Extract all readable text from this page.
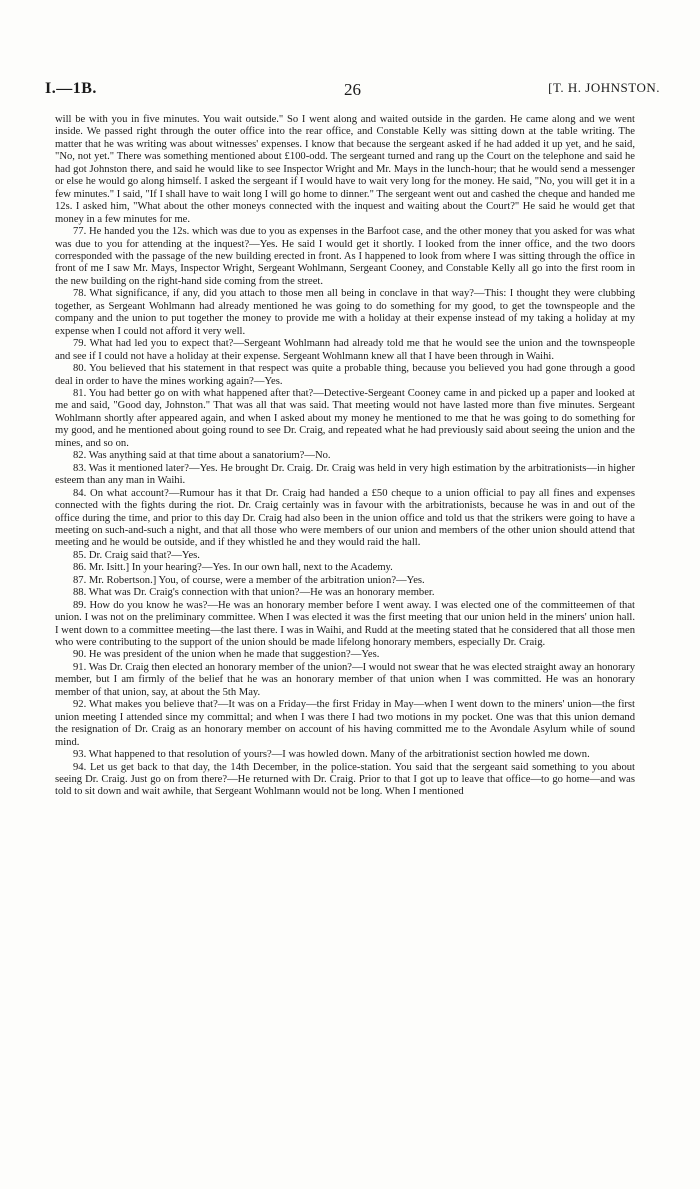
I.—1B.	26	[T. H. JOHNSTON.

will be with you in five minutes. You wait outside." So I went along and waited outside in the garden. He came along and we went inside. We passed right through the outer office into the rear office, and Constable Kelly was sitting down at the table writing. The matter that he was writing was about witnesses' expenses. I know that because the sergeant asked if he had added it up yet, and he said, "No, not yet." There was something mentioned about £100-odd. The sergeant turned and rang up the Court on the telephone and said he had got Johnston there, and said he would like to see Inspector Wright and Mr. Mays in the lunch-hour; that he would send a messenger or else he would go along himself. I asked the sergeant if I would have to wait very long for the money. He said, "No, you will get it in a few minutes." I said, "If I shall have to wait long I will go home to dinner." The sergeant went out and cashed the cheque and handed me 12s. I asked him, "What about the other moneys connected with the inquest and waiting about the Court?" He said he would get that money in a few minutes for me.

77. He handed you the 12s. which was due to you as expenses in the Barfoot case, and the other money that you asked for was what was due to you for attending at the inquest?—Yes. He said I would get it shortly. I looked from the inner office, and the two doors corresponded with the passage of the new building erected in front. As I happened to look from where I was sitting through the office in front of me I saw Mr. Mays, Inspector Wright, Sergeant Wohlmann, Sergeant Cooney, and Constable Kelly all go into the first room in the new building on the right-hand side coming from the street.

78. What significance, if any, did you attach to those men all being in conclave in that way?—This: I thought they were clubbing together, as Sergeant Wohlmann had already mentioned he was going to do something for my good, to get the townspeople and the company and the union to put together the money to provide me with a holiday at their expense instead of my taking a holiday at my expense when I could not afford it very well.

79. What had led you to expect that?—Sergeant Wohlmann had already told me that he would see the union and the townspeople and see if I could not have a holiday at their expense. Sergeant Wohlmann knew all that I have been through in Waihi.

80. You believed that his statement in that respect was quite a probable thing, because you believed you had gone through a good deal in order to have the mines working again?—Yes.

81. You had better go on with what happened after that?—Detective-Sergeant Cooney came in and picked up a paper and looked at me and said, "Good day, Johnston." That was all that was said. That meeting would not have lasted more than five minutes. Sergeant Wohlmann shortly after appeared again, and when I asked about my money he mentioned to me that he was going to do something for my good, and he mentioned about going round to see Dr. Craig, and repeated what he had previously said about seeing the union and the mines, and so on.

82. Was anything said at that time about a sanatorium?—No.

83. Was it mentioned later?—Yes. He brought Dr. Craig. Dr. Craig was held in very high estimation by the arbitrationists—in higher esteem than any man in Waihi.

84. On what account?—Rumour has it that Dr. Craig had handed a £50 cheque to a union official to pay all fines and expenses connected with the fights during the riot. Dr. Craig certainly was in favour with the arbitrationists, because he was in and out of the office during the time, and prior to this day Dr. Craig had also been in the union office and told us that the strikers were going to have a meeting on such-and-such a night, and that all those who were members of our union and members of the other union should attend that meeting and he would be outside, and if they whistled he and they would raid the hall.

85. Dr. Craig said that?—Yes.

86. Mr. Isitt.] In your hearing?—Yes. In our own hall, next to the Academy.

87. Mr. Robertson.] You, of course, were a member of the arbitration union?—Yes.

88. What was Dr. Craig's connection with that union?—He was an honorary member.

89. How do you know he was?—He was an honorary member before I went away. I was elected one of the committeemen of that union. I was not on the preliminary committee. When I was elected it was the first meeting that our union held in the miners' union hall. I went down to a committee meeting—the last there. I was in Waihi, and Rudd at the meeting stated that he considered that all those men who were contributing to the support of the union should be made lifelong honorary members, especially Dr. Craig.

90. He was president of the union when he made that suggestion?—Yes.

91. Was Dr. Craig then elected an honorary member of the union?—I would not swear that he was elected straight away an honorary member, but I am firmly of the belief that he was an honorary member of that union when I was committed. He was an honorary member of that union, say, at about the 5th May.

92. What makes you believe that?—It was on a Friday—the first Friday in May—when I went down to the miners' union—the first union meeting I attended since my committal; and when I was there I had two motions in my pocket. One was that this union demand the resignation of Dr. Craig as an honorary member on account of his having committed me to the Avondale Asylum while of sound mind.

93. What happened to that resolution of yours?—I was howled down. Many of the arbitrationist section howled me down.

94. Let us get back to that day, the 14th December, in the police-station. You said that the sergeant said something to you about seeing Dr. Craig. Just go on from there?—He returned with Dr. Craig. Prior to that I got up to leave that office—to go home—and was told to sit down and wait awhile, that Sergeant Wohlmann would not be long. When I mentioned
